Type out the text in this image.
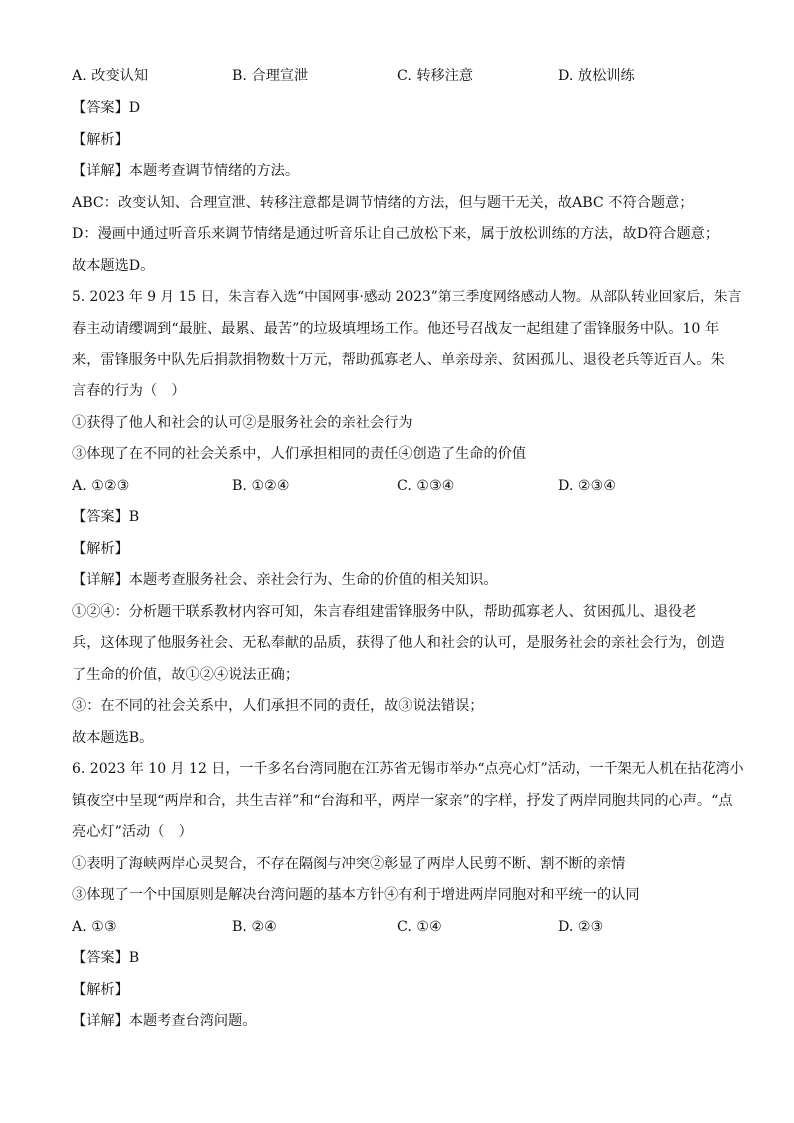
A. 改变认知	B. 合理宣泄	C. 转移注意	D. 放松训练
【答案】D
【解析】
【详解】本题考查调节情绪的方法。
ABC：改变认知、合理宣泄、转移注意都是调节情绪的方法，但与题干无关，故ABC 不符合题意；
D：漫画中通过听音乐来调节情绪是通过听音乐让自己放松下来，属于放松训练的方法，故D符合题意；
故本题选D。
5. 2023 年 9 月 15 日，朱言春入选“中国网事·感动 2023”第三季度网络感动人物。从部队转业回家后，朱言
春主动请缨调到“最脏、最累、最苦”的垃圾填埋场工作。他还号召战友一起组建了雷锋服务中队。10 年
来，雷锋服务中队先后捐款捐物数十万元，帮助孤寡老人、单亲母亲、贫困孤儿、退役老兵等近百人。朱
言春的行为（　）
①获得了他人和社会的认可②是服务社会的亲社会行为
③体现了在不同的社会关系中，人们承担相同的责任④创造了生命的价值
A. ①②③	B. ①②④	C. ①③④	D. ②③④
【答案】B
【解析】
【详解】本题考查服务社会、亲社会行为、生命的价值的相关知识。
①②④：分析题干联系教材内容可知，朱言春组建雷锋服务中队，帮助孤寡老人、贫困孤儿、退役老
兵，这体现了他服务社会、无私奉献的品质，获得了他人和社会的认可，是服务社会的亲社会行为，创造
了生命的价值，故①②④说法正确；
③：在不同的社会关系中，人们承担不同的责任，故③说法错误；
故本题选B。
6. 2023 年 10 月 12 日，一千多名台湾同胞在江苏省无锡市举办“点亮心灯”活动，一千架无人机在拈花湾小
镇夜空中呈现“两岸和合，共生吉祥”和“台海和平，两岸一家亲”的字样，抒发了两岸同胞共同的心声。“点
亮心灯”活动（　）
①表明了海峡两岸心灵契合，不存在隔阂与冲突②彰显了两岸人民剪不断、割不断的亲情
③体现了一个中国原则是解决台湾问题的基本方针④有利于增进两岸同胞对和平统一的认同
A. ①③	B. ②④	C. ①④	D. ②③
【答案】B
【解析】
【详解】本题考查台湾问题。
